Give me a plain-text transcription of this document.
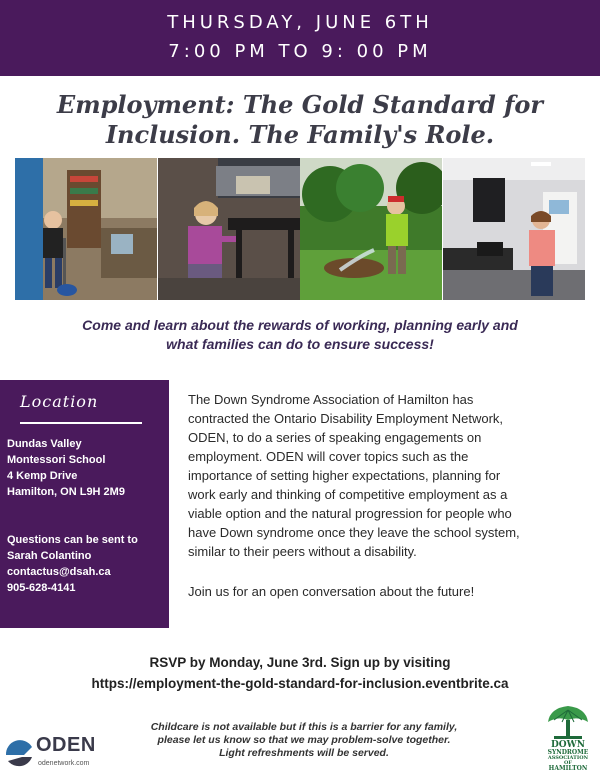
THURSDAY, JUNE 6TH
7:00 PM TO 9: 00 PM
Employment: The Gold Standard for
Inclusion. The Family's Role.
Come and learn about the rewards of working, planning early and
what families can do to ensure success!
Location
Dundas Valley
Montessori School
4 Kemp Drive
Hamilton, ON L9H 2M9
Questions can be sent to
Sarah Colantino
contactus@dsah.ca
905-628-4141
The Down Syndrome Association of Hamilton has
contracted the Ontario Disability Employment Network,
ODEN, to do a series of speaking engagements on
employment. ODEN will cover topics such as the
importance of setting higher expectations, planning for
work early and thinking of competitive employment as a
viable option and the natural progression for people who
have Down syndrome once they leave the school system,
similar to their peers without a disability.
Join us for an open conversation about the future!
RSVP by Monday, June 3rd. Sign up by visiting
https://employment-the-gold-standard-for-inclusion.eventbrite.ca
ODEN
odenetwork.com
Childcare is not available but if this is a barrier for any family,
please let us know so that we may problem-solve together.
Light refreshments will be served.
DOWN
SYNDROME
ASSOCIATION
OF
HAMILTON
